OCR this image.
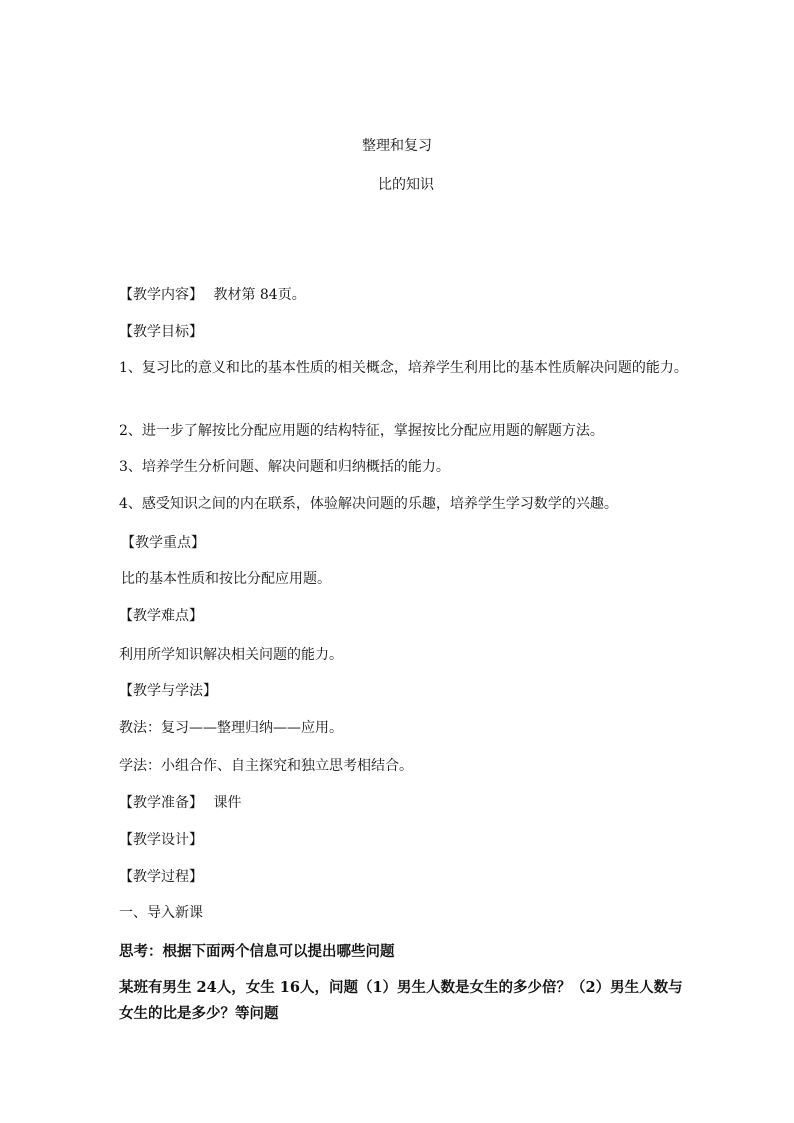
整理和复习
比的知识
【教学内容】 教材第 84页。
【教学目标】
1、复习比的意义和比的基本性质的相关概念，培养学生利用比的基本性质解决问题的能力。
2、进一步了解按比分配应用题的结构特征，掌握按比分配应用题的解题方法。
3、培养学生分析问题、解决问题和归纳概括的能力。
4、感受知识之间的内在联系，体验解决问题的乐趣，培养学生学习数学的兴趣。
【教学重点】
比的基本性质和按比分配应用题。
【教学难点】
利用所学知识解决相关问题的能力。
【教学与学法】
教法：复习——整理归纳——应用。
学法：小组合作、自主探究和独立思考相结合。
【教学准备】 课件
【教学设计】
【教学过程】
一、导入新课
思考：根据下面两个信息可以提出哪些问题
某班有男生 24人，女生 16人，问题（1）男生人数是女生的多少倍？（2）男生人数与女生的比是多少？等问题
